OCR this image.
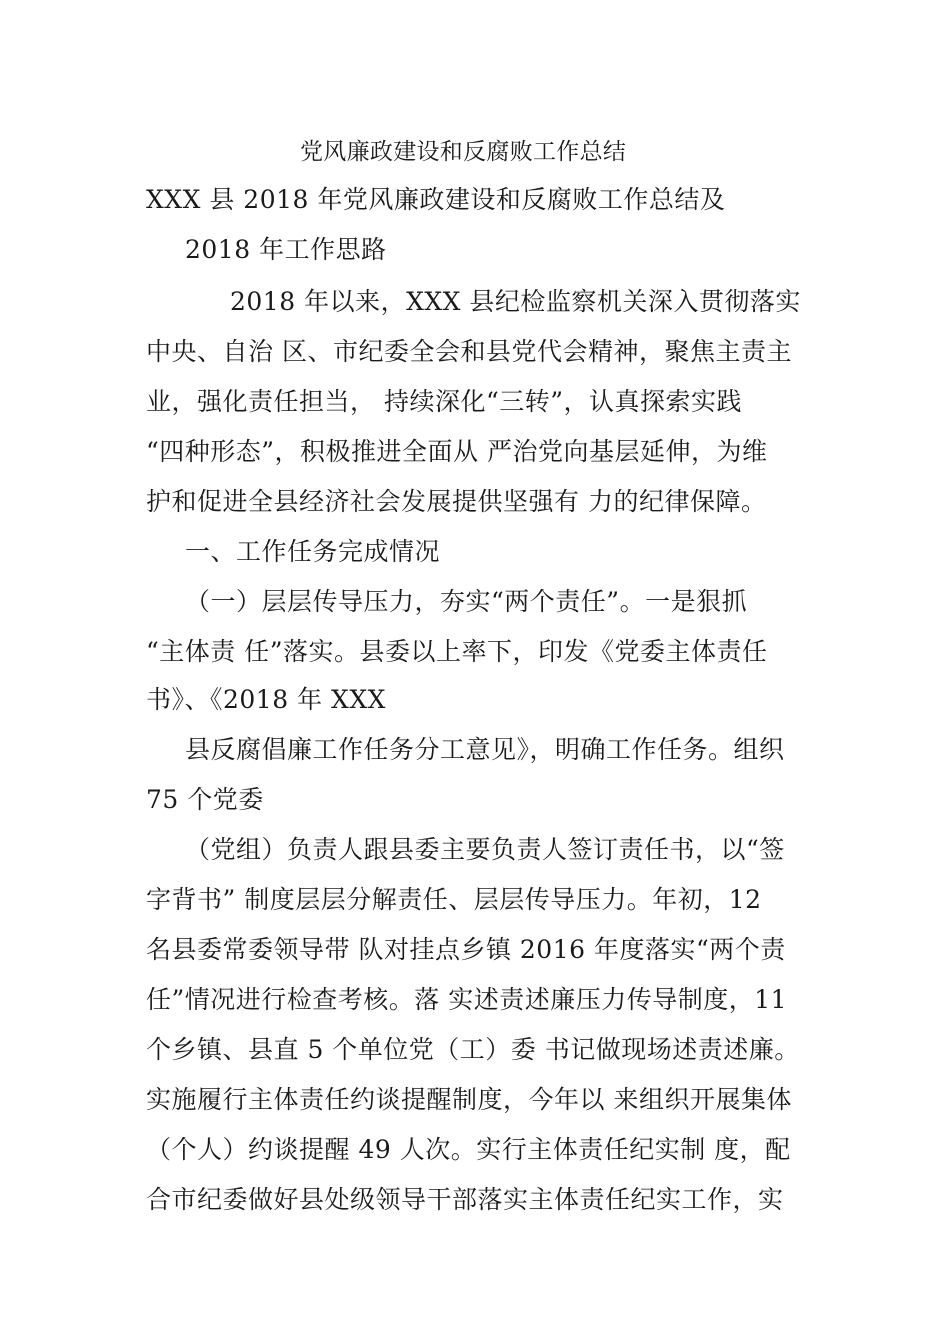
党风廉政建设和反腐败工作总结
XXX 县 2018 年党风廉政建设和反腐败工作总结及
2018 年工作思路
2018 年以来，XXX 县纪检监察机关深入贯彻落实
中央、自治 区、市纪委全会和县党代会精神，聚焦主责主
业，强化责任担当， 持续深化“三转”，认真探索实践
“四种形态”，积极推进全面从 严治党向基层延伸，为维
护和促进全县经济社会发展提供坚强有 力的纪律保障。
一、工作任务完成情况
（一）层层传导压力，夯实“两个责任”。一是狠抓
“主体责 任”落实。县委以上率下，印发《党委主体责任
书》、《2018 年 XXX
县反腐倡廉工作任务分工意见》，明确工作任务。组织
75 个党委
（党组）负责人跟县委主要负责人签订责任书，以“签
字背书” 制度层层分解责任、层层传导压力。年初，12
名县委常委领导带 队对挂点乡镇 2016 年度落实“两个责
任”情况进行检查考核。落 实述责述廉压力传导制度，11
个乡镇、县直 5 个单位党（工）委 书记做现场述责述廉。
实施履行主体责任约谈提醒制度，今年以 来组织开展集体
（个人）约谈提醒 49 人次。实行主体责任纪实制 度，配
合市纪委做好县处级领导干部落实主体责任纪实工作，实
